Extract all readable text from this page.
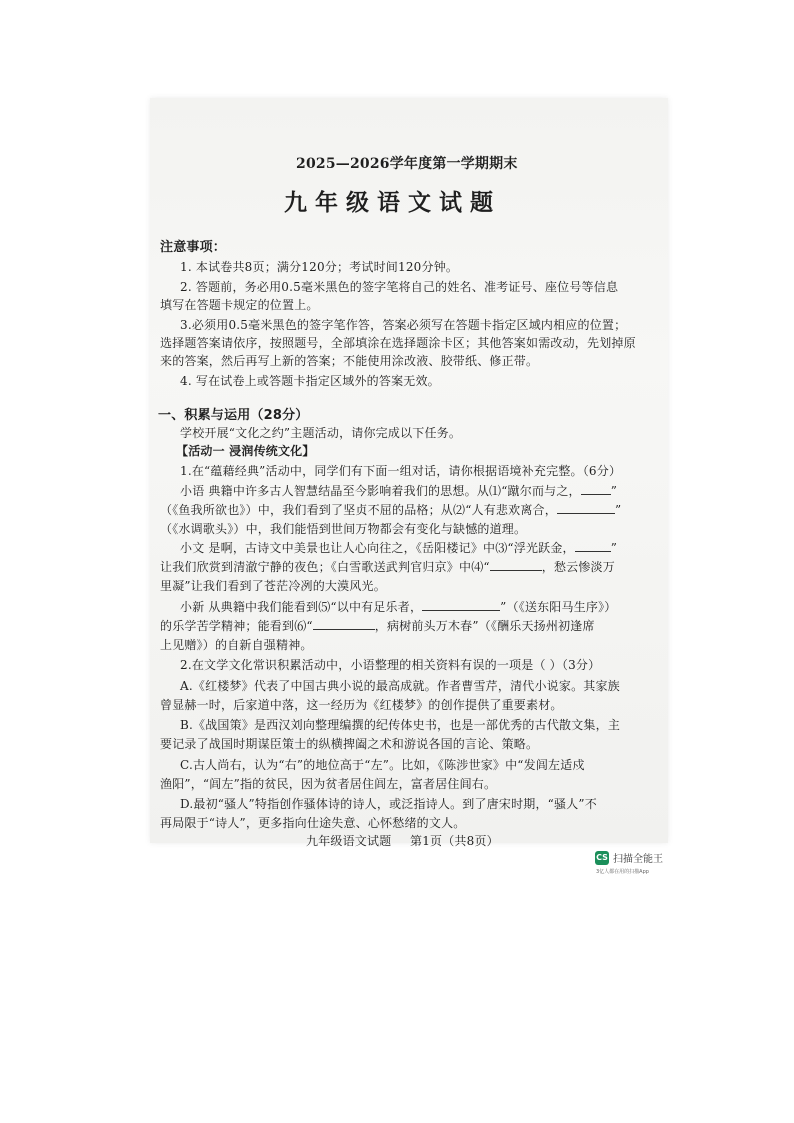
2025—2026学年度第一学期期末
九年级语文试题
注意事项：
1. 本试卷共8页；满分120分；考试时间120分钟。
2. 答题前，务必用0.5毫米黑色的签字笔将自己的姓名、准考证号、座位号等信息
填写在答题卡规定的位置上。
3.必须用0.5毫米黑色的签字笔作答，答案必须写在答题卡指定区域内相应的位置；
选择题答案请依序，按照题号，全部填涂在选择题涂卡区；其他答案如需改动，先划掉原
来的答案，然后再写上新的答案；不能使用涂改液、胶带纸、修正带。
4. 写在试卷上或答题卡指定区域外的答案无效。
一、积累与运用（28分）
学校开展“文化之约”主题活动，请你完成以下任务。
【活动一 浸润传统文化】
1.在“蕴藉经典”活动中，同学们有下面一组对话，请你根据语境补充完整。（6分）
小语 典籍中许多古人智慧结晶至今影响着我们的思想。从⑴“蹴尔而与之，	”
（《鱼我所欲也》）中，我们看到了坚贞不屈的品格；从⑵“人有悲欢离合，	”
（《水调歌头》）中，我们能悟到世间万物都会有变化与缺憾的道理。
小文 是啊，古诗文中美景也让人心向往之，《岳阳楼记》中⑶“浮光跃金，	”
让我们欣赏到清澈宁静的夜色；《白雪歌送武判官归京》中⑷“	，愁云惨淡万
里凝”让我们看到了苍茫冷冽的大漠风光。
小新 从典籍中我们能看到⑸“以中有足乐者，	”（《送东阳马生序》）
的乐学苦学精神；能看到⑹“	，病树前头万木春”（《酬乐天扬州初逢席
上见赠》）的自新自强精神。
2.在文学文化常识积累活动中，小语整理的相关资料有误的一项是（ ）（3分）
A.《红楼梦》代表了中国古典小说的最高成就。作者曹雪芹，清代小说家。其家族
曾显赫一时，后家道中落，这一经历为《红楼梦》的创作提供了重要素材。
B.《战国策》是西汉刘向整理编撰的纪传体史书，也是一部优秀的古代散文集，主
要记录了战国时期谋臣策士的纵横捭阖之术和游说各国的言论、策略。
C.古人尚右，认为“右”的地位高于“左”。比如，《陈涉世家》中“发闾左适戍
渔阳”，“闾左”指的贫民，因为贫者居住闾左，富者居住闾右。
D.最初“骚人”特指创作骚体诗的诗人，或泛指诗人。到了唐宋时期，“骚人”不
再局限于“诗人”，更多指向仕途失意、心怀愁绪的文人。
九年级语文试题 第1页（共8页）
CS 扫描全能王
3亿人都在用的扫描App
